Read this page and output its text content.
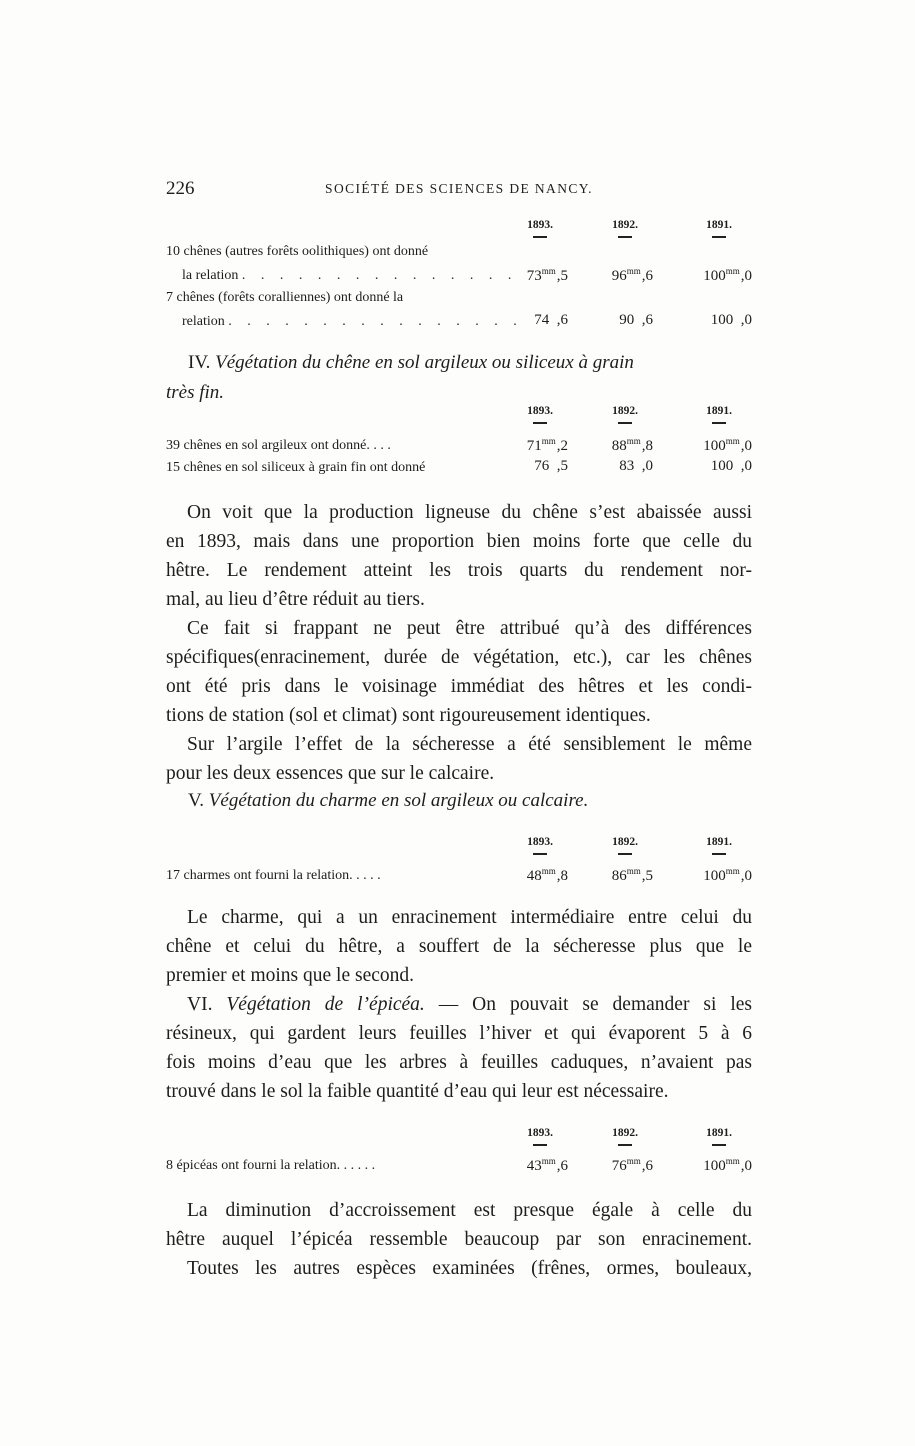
226	SOCIÉTÉ DES SCIENCES DE NANCY.
1893.	1892.	1891.
10 chênes (autres forêts oolithiques) ont donné
la relation . . . . . . . . . . . . . . . $73^{mm},5$	$96^{mm},6$	$100^{mm},0$
7 chênes (forêts coralliennes) ont donné la
relation . . . . . . . . . . . . . . . . 74 ,6	90 ,6	100 ,0
IV. Végétation du chêne en sol argileux ou siliceux à grain
très fin.
1893.	1892.	1891.
39 chênes en sol argileux ont donné. . . .	$71^{mm},2$	$88^{mm},8$	$100^{mm},0$
15 chênes en sol siliceux à grain fin ont donné	76 ,5	83 ,0	100 ,0
On voit que la production ligneuse du chêne s’est abaissée aussi
en 1893, mais dans une proportion bien moins forte que celle du
hêtre. Le rendement atteint les trois quarts du rendement nor-
mal, au lieu d’être réduit au tiers.
Ce fait si frappant ne peut être attribué qu’à des différences
spécifiques(enracinement, durée de végétation, etc.), car les chênes
ont été pris dans le voisinage immédiat des hêtres et les condi-
tions de station (sol et climat) sont rigoureusement identiques.
Sur l’argile l’effet de la sécheresse a été sensiblement le même
pour les deux essences que sur le calcaire.
V. Végétation du charme en sol argileux ou calcaire.
1893.	1892.	1891.
17 charmes ont fourni la relation. . . . .	$48^{mm},8$	$86^{mm},5$	$100^{mm},0$
Le charme, qui a un enracinement intermédiaire entre celui du
chêne et celui du hêtre, a souffert de la sécheresse plus que le
premier et moins que le second.
VI. Végétation de l’épicéa. — On pouvait se demander si les
résineux, qui gardent leurs feuilles l’hiver et qui évaporent 5 à 6
fois moins d’eau que les arbres à feuilles caduques, n’avaient pas
trouvé dans le sol la faible quantité d’eau qui leur est nécessaire.
1893.	1892.	1891.
8 épicéas ont fourni la relation. . . . . .	$43^{mm},6$	$76^{mm},6$	$100^{mm},0$
La diminution d’accroissement est presque égale à celle du
hêtre auquel l’épicéa ressemble beaucoup par son enracinement.
Toutes les autres espèces examinées (frênes, ormes, bouleaux,
